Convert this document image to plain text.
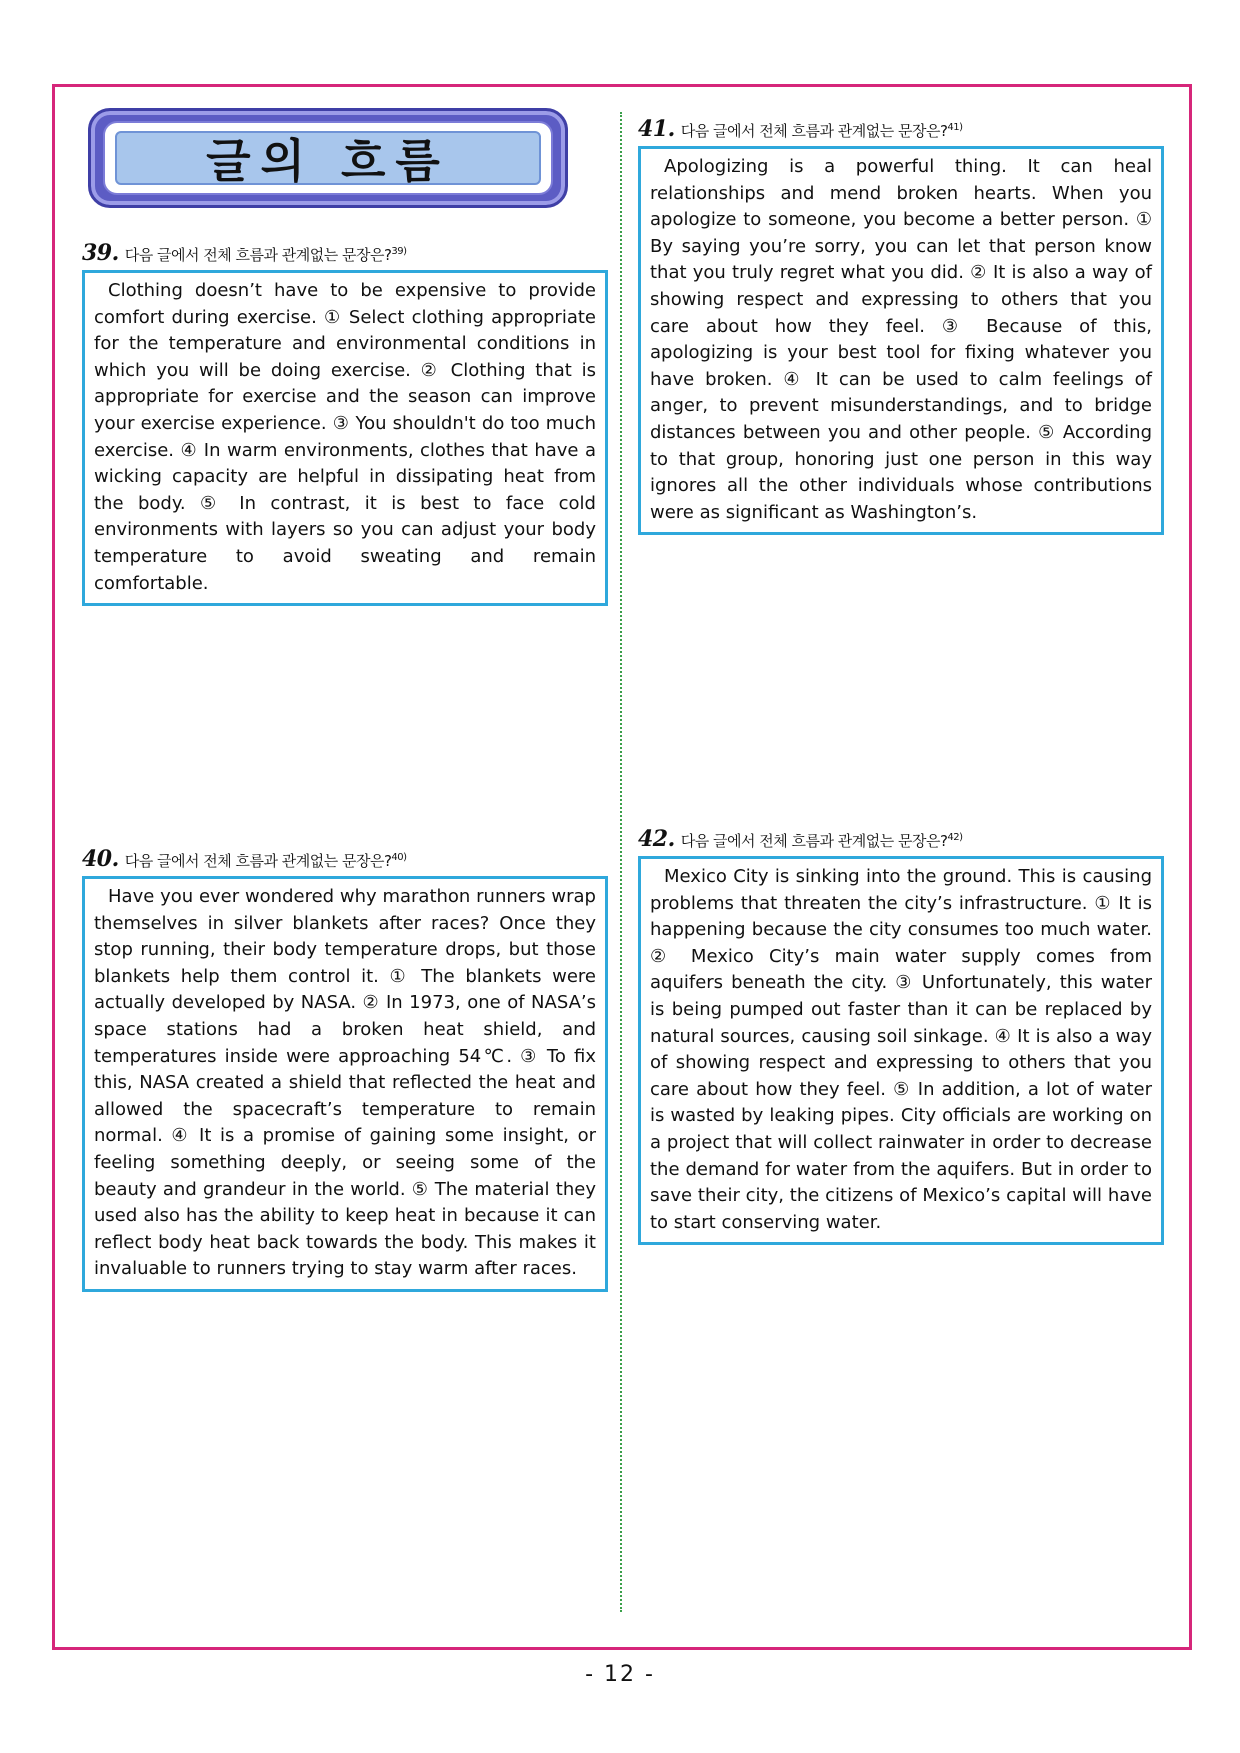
글의 흐름
39. 다음 글에서 전체 흐름과 관계없는 문장은?$^{39)}$
Clothing doesn’t have to be expensive to provide comfort during exercise. ① Select clothing appropriate for the temperature and environmental conditions in which you will be doing exercise. ② Clothing that is appropriate for exercise and the season can improve your exercise experience. ③ You shouldn't do too much exercise. ④ In warm environments, clothes that have a wicking capacity are helpful in dissipating heat from the body. ⑤ In contrast, it is best to face cold environments with layers so you can adjust your body temperature to avoid sweating and remain comfortable.
40. 다음 글에서 전체 흐름과 관계없는 문장은?$^{40)}$
Have you ever wondered why marathon runners wrap themselves in silver blankets after races? Once they stop running, their body temperature drops, but those blankets help them control it. ① The blankets were actually developed by NASA. ② In 1973, one of NASA’s space stations had a broken heat shield, and temperatures inside were approaching 54℃. ③ To fix this, NASA created a shield that reflected the heat and allowed the spacecraft’s temperature to remain normal. ④ It is a promise of gaining some insight, or feeling something deeply, or seeing some of the beauty and grandeur in the world. ⑤ The material they used also has the ability to keep heat in because it can reflect body heat back towards the body. This makes it invaluable to runners trying to stay warm after races.
41. 다음 글에서 전체 흐름과 관계없는 문장은?$^{41)}$
Apologizing is a powerful thing. It can heal relationships and mend broken hearts. When you apologize to someone, you become a better person. ① By saying you’re sorry, you can let that person know that you truly regret what you did. ② It is also a way of showing respect and expressing to others that you care about how they feel. ③ Because of this, apologizing is your best tool for fixing whatever you have broken. ④ It can be used to calm feelings of anger, to prevent misunderstandings, and to bridge distances between you and other people. ⑤ According to that group, honoring just one person in this way ignores all the other individuals whose contributions were as significant as Washington’s.
42. 다음 글에서 전체 흐름과 관계없는 문장은?$^{42)}$
Mexico City is sinking into the ground. This is causing problems that threaten the city’s infrastructure. ① It is happening because the city consumes too much water. ② Mexico City’s main water supply comes from aquifers beneath the city. ③ Unfortunately, this water is being pumped out faster than it can be replaced by natural sources, causing soil sinkage. ④ It is also a way of showing respect and expressing to others that you care about how they feel. ⑤ In addition, a lot of water is wasted by leaking pipes. City officials are working on a project that will collect rainwater in order to decrease the demand for water from the aquifers. But in order to save their city, the citizens of Mexico’s capital will have to start conserving water.
- 12 -
